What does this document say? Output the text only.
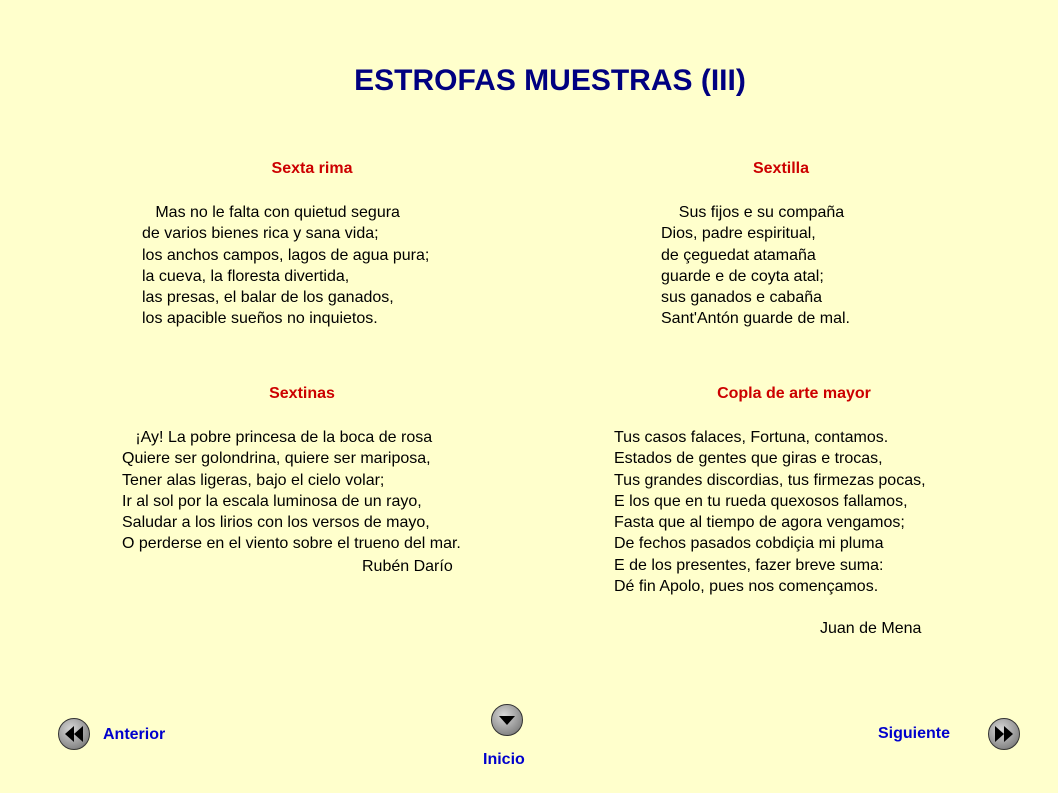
ESTROFAS MUESTRAS (III)
Sexta rima
Mas no le falta con quietud segura
de varios bienes rica y sana vida;
los anchos campos, lagos de agua pura;
la cueva, la floresta divertida,
las presas, el balar de los ganados,
los apacible sueños no inquietos.
Sextilla
Sus fijos e su compaña
Dios, padre espiritual,
de çeguedat atamaña
guarde e de coyta atal;
sus ganados e cabaña
Sant'Antón guarde de mal.
Sextinas
¡Ay! La pobre princesa de la boca de rosa
Quiere ser golondrina, quiere ser mariposa,
Tener alas ligeras, bajo el cielo volar;
Ir al sol por la escala luminosa de un rayo,
Saludar a los lirios con los versos de mayo,
O perderse en el viento sobre el trueno del mar.
Rubén Darío
Copla de arte mayor
Tus casos falaces, Fortuna, contamos.
Estados de gentes que giras e trocas,
Tus grandes discordias, tus firmezas pocas,
E los que en tu rueda quexosos fallamos,
Fasta que al tiempo de agora vengamos;
De fechos pasados cobdiçia mi pluma
E de los presentes, fazer breve suma:
Dé fin Apolo, pues nos començamos.
Juan de Mena
Anterior
Inicio
Siguiente
